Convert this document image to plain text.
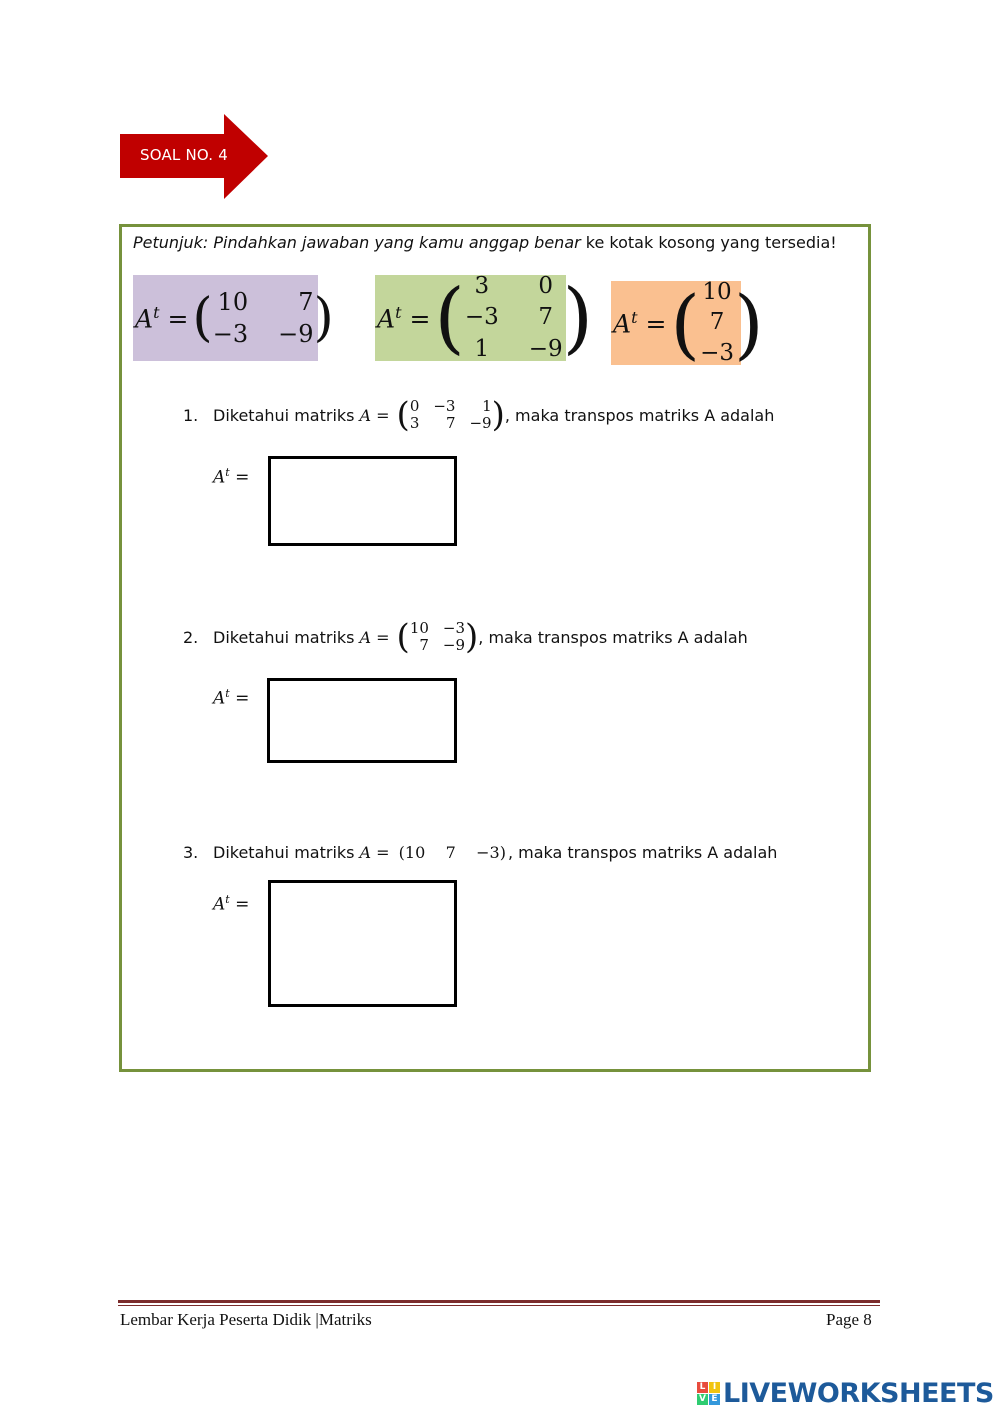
SOAL NO. 4
Petunjuk: Pindahkan jawaban yang kamu anggap benar ke kotak kosong yang tersedia!
$A^t$ = ( 10 7
−3 −9 ) $A^t$ = ( 3 0
−3 7
1 −9 ) $A^t$ = ( 10
7
−3 )
1. Diketahui matriks A
= ( 0 −3 1
3 7 −9 ) , maka transpos matriks A adalah
$A^t$ =
2. Diketahui matriks A
= ( 10 −3
7 −9 ) , maka transpos matriks A adalah
$A^t$ =
3. Diketahui matriks A
=
(10    7    −3) , maka transpos matriks A adalah
$A^t$ =
Lembar Kerja Peserta Didik |Matriks	Page 8
L I
V E LIVEWORKSHEETS
